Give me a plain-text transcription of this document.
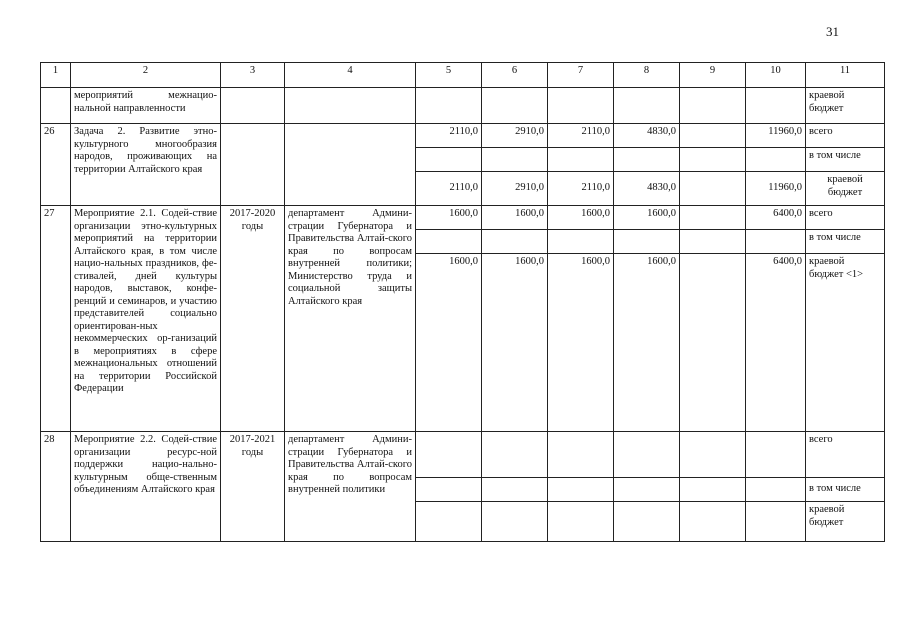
31
1	2	3	4	5	6	7	8	9	10	11
	мероприятий межнацио-нальной направленности									краевой бюджет
26	Задача 2. Развитие этно-культурного многообразия народов, проживающих на территории Алтайского края			2110,0	2910,0	2110,0	4830,0		11960,0	всего
										в том числе
				2110,0	2910,0	2110,0	4830,0		11960,0	краевой бюджет
27	Мероприятие 2.1. Содей-ствие организации этно-культурных мероприятий на территории Алтайского края, в том числе нацио-нальных праздников, фе-стивалей, дней культуры народов, выставок, конфе-ренций и семинаров, и участию представителей социально ориентирован-ных некоммерческих ор-ганизаций в мероприятиях в сфере межнациональных отношений на территории Российской Федерации	2017-2020 годы	департамент Админи-страции Губернатора и Правительства Алтай-ского края по вопросам внутренней политики; Министерство труда и социальной защиты Алтайского края	1600,0	1600,0	1600,0	1600,0		6400,0	всего
										в том числе
				1600,0	1600,0	1600,0	1600,0		6400,0	краевой бюджет <1>
28	Мероприятие 2.2. Содей-ствие организации ресурс-ной поддержки нацио-нально-культурным обще-ственным объединениям Алтайского края	2017-2021 годы	департамент Админи-страции Губернатора и Правительства Алтай-ского края по вопросам внутренней политики							всего
										в том числе
										краевой бюджет
